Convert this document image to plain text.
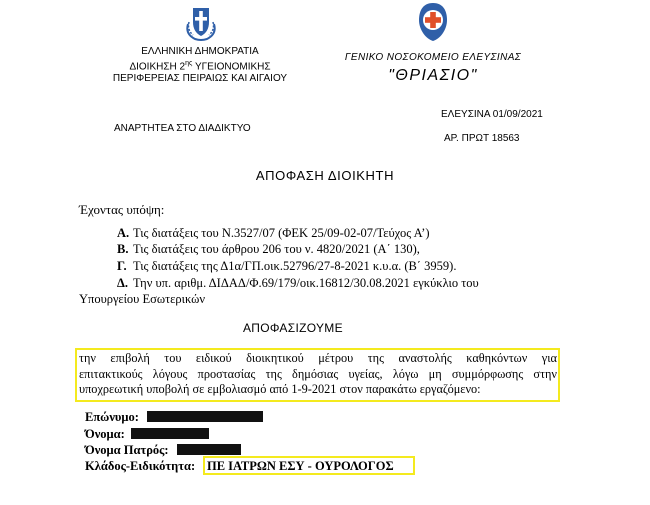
ΕΛΛΗΝΙΚΗ ΔΗΜΟΚΡΑΤΙΑ
ΔΙΟΙΚΗΣΗ $2^{\eta\varsigma}$ ΥΓΕΙΟΝΟΜΙΚΗΣ
ΠΕΡΙΦΕΡΕΙΑΣ ΠΕΙΡΑΙΩΣ ΚΑΙ ΑΙΓΑΙΟΥ
ΓΕΝΙΚΟ ΝΟΣΟΚΟΜΕΙΟ ΕΛΕΥΣΙΝΑΣ
"ΘΡΙΑΣΙΟ"
ΕΛΕΥΣΙΝΑ 01/09/2021
ΑΝΑΡΤΗΤΕΑ ΣΤΟ ΔΙΑΔΙΚΤΥΟ
ΑΡ. ΠΡΩΤ 18563
ΑΠΟΦΑΣΗ ΔΙΟΙΚΗΤΗ
Έχοντας υπόψη:
Α. Τις διατάξεις του Ν.3527/07 (ΦΕΚ 25/09-02-07/Τεύχος Α’)
Β. Τις διατάξεις του άρθρου 206 του ν. 4820/2021 (Α΄ 130),
Γ. Τις διατάξεις της Δ1α/ΓΠ.οικ.52796/27-8-2021 κ.υ.α. (Β΄ 3959).
Δ. Την υπ. αριθμ. ΔΙΔΑΔ/Φ.69/179/οικ.16812/30.08.2021 εγκύκλιο του
Υπουργείου Εσωτερικών
ΑΠΟΦΑΣΙΖΟΥΜΕ
την επιβολή του ειδικού διοικητικού μέτρου της αναστολής καθηκόντων για
επιτακτικούς λόγους προστασίας της δημόσιας υγείας, λόγω μη συμμόρφωσης στην
υποχρεωτική υποβολή σε εμβολιασμό από 1-9-2021 στον παρακάτω εργαζόμενο:
Επώνυμο:
Όνομα:
Όνομα Πατρός:
Κλάδος-Ειδικότητα: ΠΕ ΙΑΤΡΩΝ ΕΣΥ - ΟΥΡΟΛΟΓΟΣ
